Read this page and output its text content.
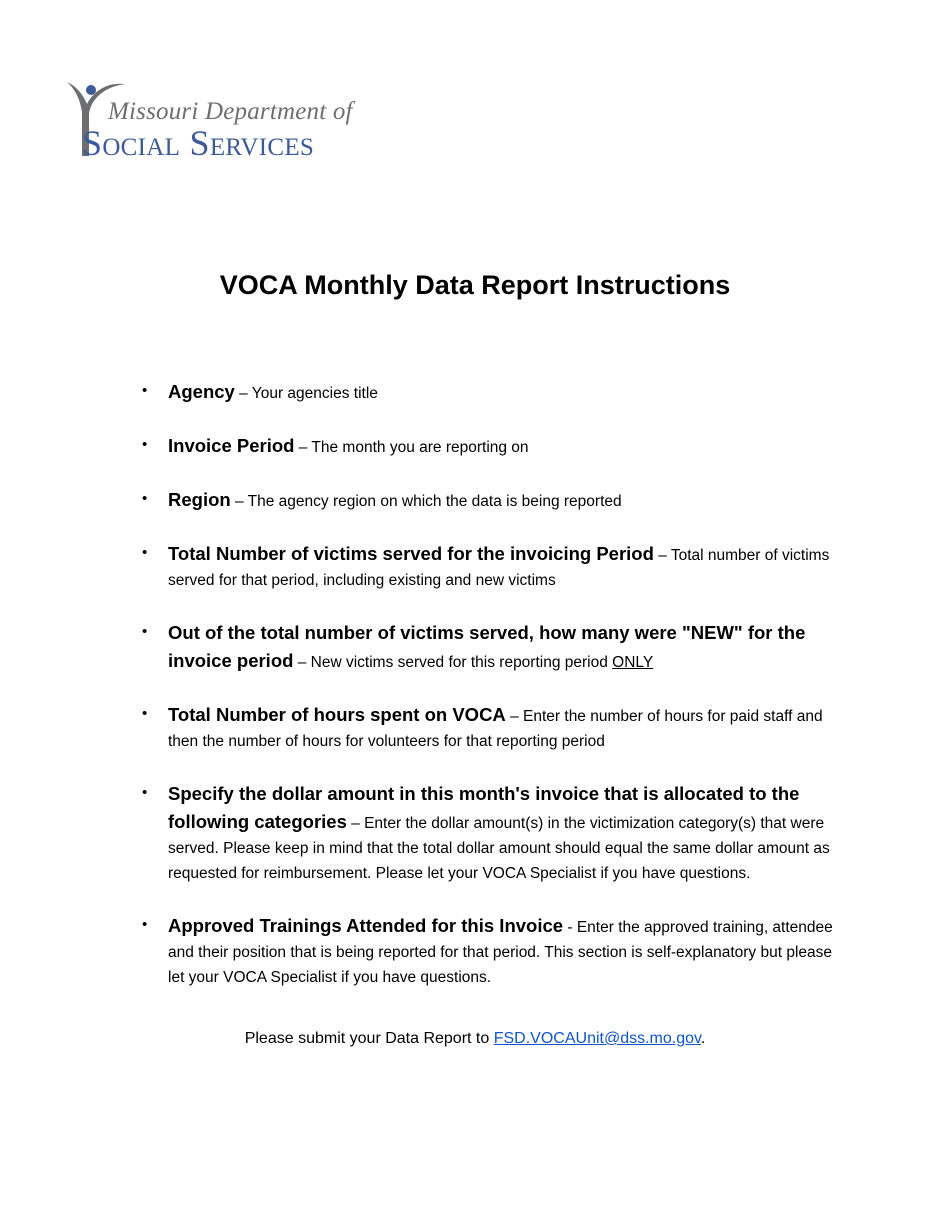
Missouri Department of
Social Services
VOCA Monthly Data Report Instructions
• Agency – Your agencies title
• Invoice Period – The month you are reporting on
• Region – The agency region on which the data is being reported
• Total Number of victims served for the invoicing Period – Total number of victims served for that period, including existing and new victims
• Out of the total number of victims served, how many were "NEW" for the invoice period – New victims served for this reporting period ONLY
• Total Number of hours spent on VOCA – Enter the number of hours for paid staff and then the number of hours for volunteers for that reporting period
• Specify the dollar amount in this month's invoice that is allocated to the following categories – Enter the dollar amount(s) in the victimization category(s) that were served. Please keep in mind that the total dollar amount should equal the same dollar amount as requested for reimbursement. Please let your VOCA Specialist if you have questions.
• Approved Trainings Attended for this Invoice - Enter the approved training, attendee and their position that is being reported for that period. This section is self-explanatory but please let your VOCA Specialist if you have questions.
Please submit your Data Report to FSD.VOCAUnit@dss.mo.gov.
